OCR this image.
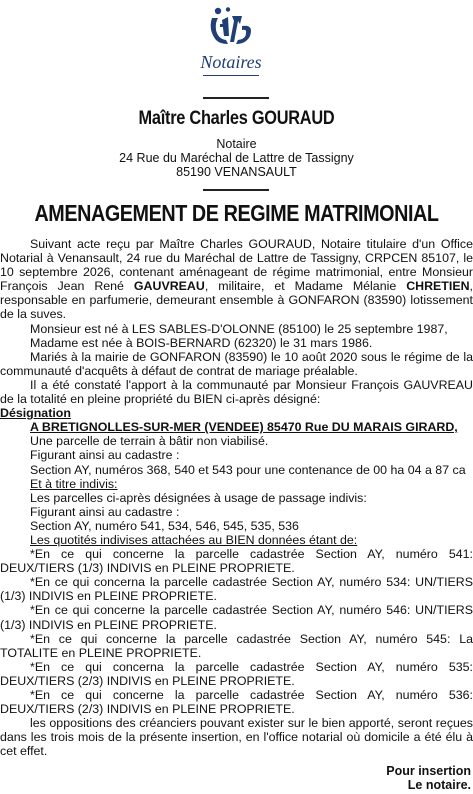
Notaires
Maître Charles GOURAUD
Notaire
24 Rue du Maréchal de Lattre de Tassigny
85190 VENANSAULT
AMENAGEMENT DE REGIME MATRIMONIAL

Suivant acte reçu par Maître Charles GOURAUD, Notaire titulaire d'un Office Notarial à Venansault, 24 rue du Maréchal de Lattre de Tassigny, CRPCEN 85107, le 10 septembre 2026, contenant aménageant de régime matrimonial, entre Monsieur François Jean René GAUVREAU, militaire, et Madame Mélanie CHRETIEN, responsable en parfumerie, demeurant ensemble à GONFARON (83590) lotissement de la suves.

Monsieur est né à LES SABLES-D'OLONNE (85100) le 25 septembre 1987,

Madame est née à BOIS-BERNARD (62320) le 31 mars 1986.

Mariés à la mairie de GONFARON (83590) le 10 août 2020 sous le régime de la communauté d'acquêts à défaut de contrat de mariage préalable.

Il a été constaté l'apport à la communauté par Monsieur François GAUVREAU de la totalité en pleine propriété du BIEN ci-après désigné:

Désignation

A BRETIGNOLLES-SUR-MER (VENDEE) 85470 Rue DU MARAIS GIRARD,

Une parcelle de terrain à bâtir non viabilisé.

Figurant ainsi au cadastre :

Section AY, numéros 368, 540 et 543 pour une contenance de 00 ha 04 a 87 ca

Et à titre indivis:

Les parcelles ci-après désignées à usage de passage indivis:

Figurant ainsi au cadastre :

Section AY, numéro 541, 534, 546, 545, 535, 536

Les quotités indivises attachées au BIEN données étant de:

*En ce qui concerne la parcelle cadastrée Section AY, numéro 541: DEUX/TIERS (1/3) INDIVIS en PLEINE PROPRIETE.

*En ce qui concerna la parcelle cadastrée Section AY, numéro 534: UN/TIERS (1/3) INDIVIS en PLEINE PROPRIETE.

*En ce qui concerne la parcelle cadastrée Section AY, numéro 546: UN/TIERS (1/3) INDIVIS en PLEINE PROPRIETE.

*En ce qui concerne la parcelle cadastrée Section AY, numéro 545: La TOTALITE en PLEINE PROPRIETE.

*En ce qui concerna la parcelle cadastrée Section AY, numéro 535: DEUX/TIERS (2/3) INDIVIS en PLEINE PROPRIETE.

*En ce qui concerne la parcelle cadastrée Section AY, numéro 536: DEUX/TIERS (2/3) INDIVIS en PLEINE PROPRIETE.

les oppositions des créanciers pouvant exister sur le bien apporté, seront reçues dans les trois mois de la présente insertion, en l'office notarial où domicile a été élu à cet effet.

Pour insertion
Le notaire.
